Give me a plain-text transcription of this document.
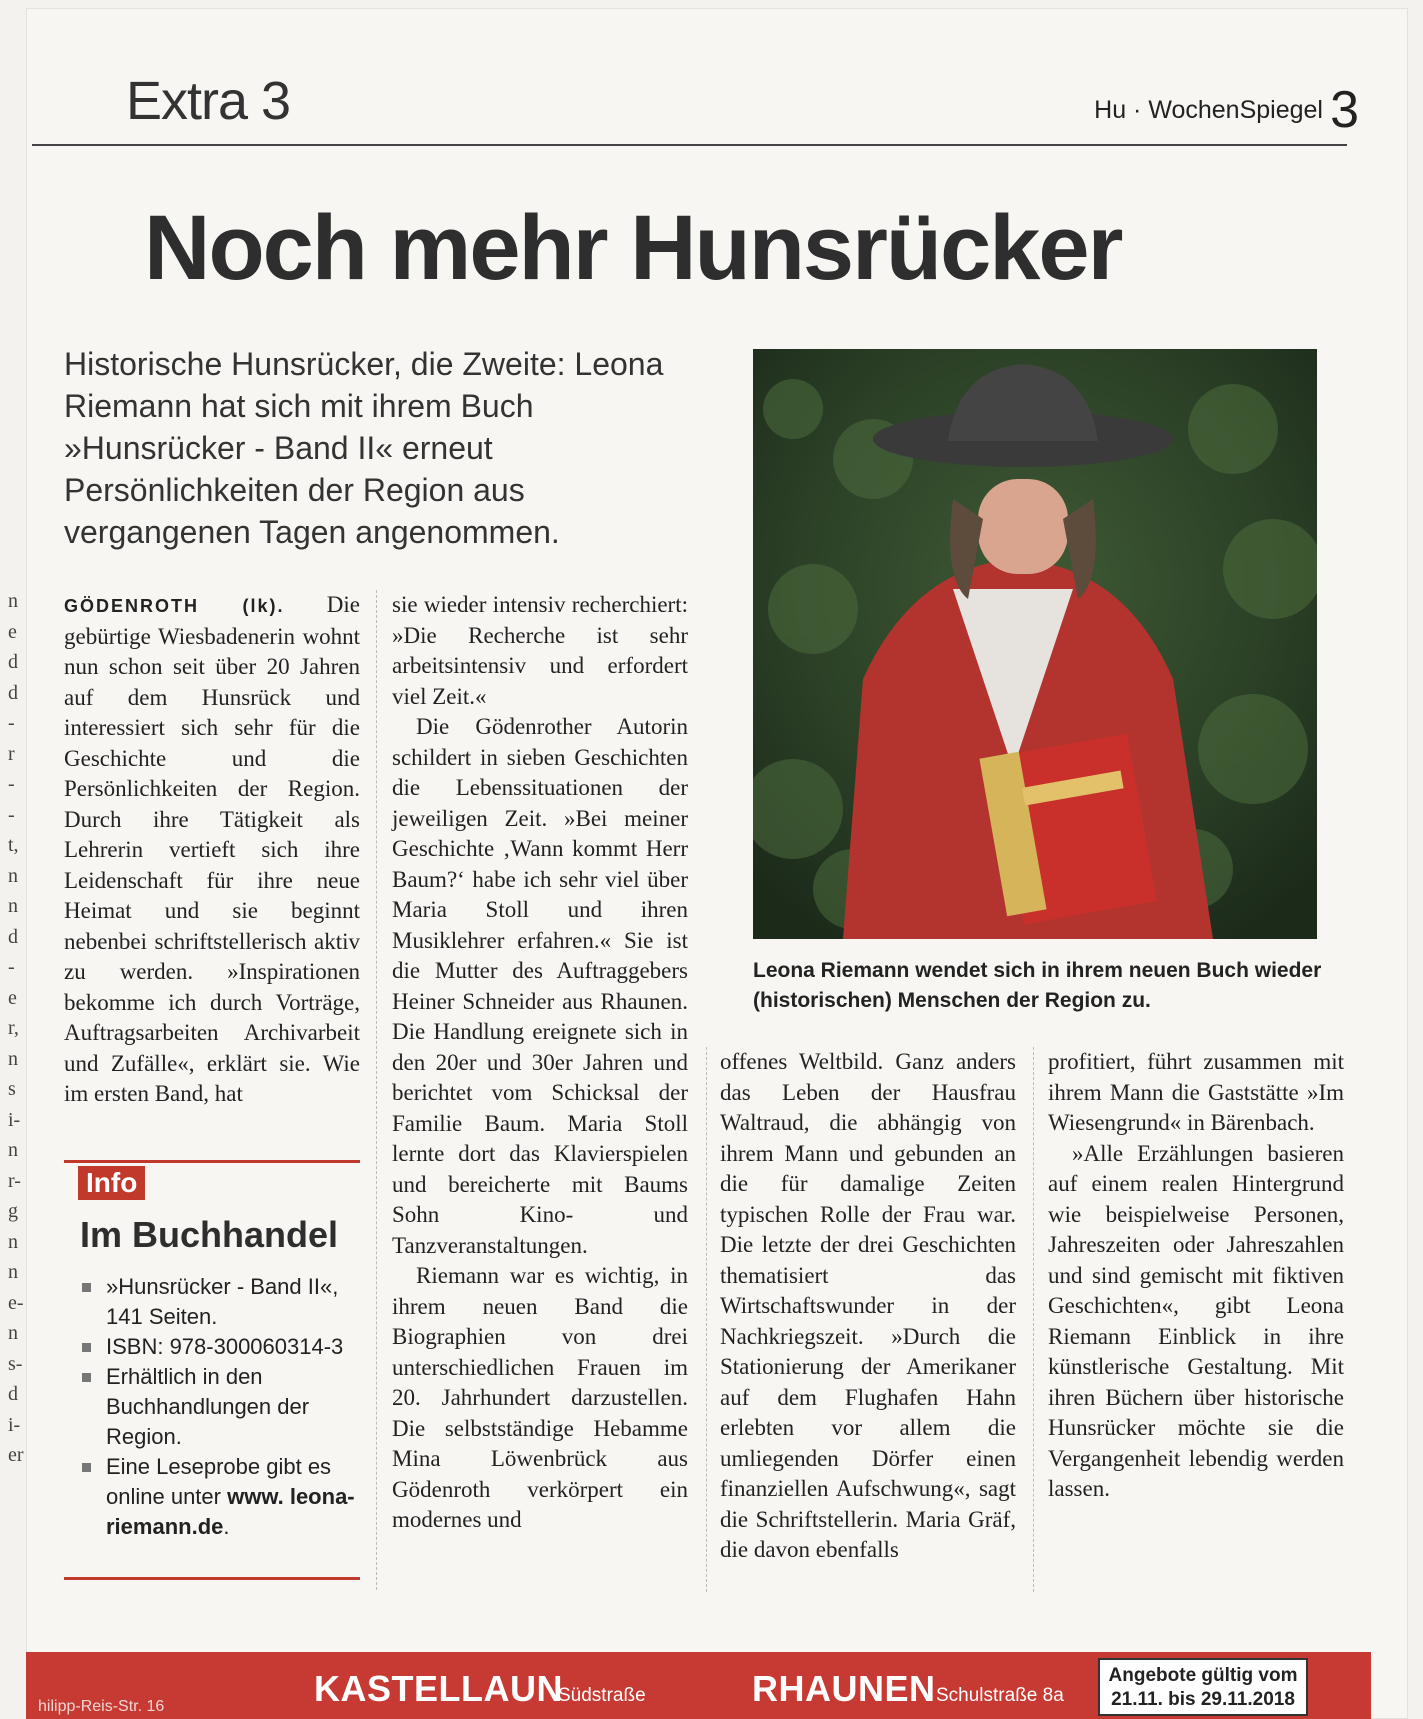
n
e
d
d
-
r
-
-
t,
n
n
d
-
e
r,
n
s
i-
n
r-
g
n
n
e-
n
s-
d
i-
er
Extra 3	Hu · WochenSpiegel 3
Noch mehr Hunsrücker
Historische Hunsrücker, die Zweite: Leona Riemann hat sich mit ihrem Buch »Hunsrücker - Band II« erneut Persönlichkeiten der Region aus vergangenen Tagen angenommen.
Leona Riemann wendet sich in ihrem neuen Buch wieder (historischen) Menschen der Region zu.

GÖDENROTH (lk). Die gebürtige Wiesbadenerin wohnt nun schon seit über 20 Jahren auf dem Hunsrück und interessiert sich sehr für die Geschichte und die Persönlichkeiten der Region. Durch ihre Tätigkeit als Lehrerin vertieft sich ihre Leidenschaft für ihre neue Heimat und sie beginnt nebenbei schriftstellerisch aktiv zu werden. »Inspirationen bekomme ich durch Vorträge, Auftragsarbeiten Archivarbeit und Zufälle«, erklärt sie. Wie im ersten Band, hat

sie wieder intensiv recherchiert: »Die Recherche ist sehr arbeitsintensiv und erfordert viel Zeit.«

Die Gödenrother Autorin schildert in sieben Geschichten die Lebenssituationen der jeweiligen Zeit. »Bei meiner Geschichte ‚Wann kommt Herr Baum?‘ habe ich sehr viel über Maria Stoll und ihren Musiklehrer erfahren.« Sie ist die Mutter des Auftraggebers Heiner Schneider aus Rhaunen. Die Handlung ereignete sich in den 20er und 30er Jahren und berichtet vom Schicksal der Familie Baum. Maria Stoll lernte dort das Klavierspielen und bereicherte mit Baums Sohn Kino- und Tanzveranstaltungen.

Riemann war es wichtig, in ihrem neuen Band die Biographien von drei unterschiedlichen Frauen im 20. Jahrhundert darzustellen. Die selbstständige Hebamme Mina Löwenbrück aus Gödenroth verkörpert ein modernes und

offenes Weltbild. Ganz anders das Leben der Hausfrau Waltraud, die abhängig von ihrem Mann und gebunden an die für damalige Zeiten typischen Rolle der Frau war. Die letzte der drei Geschichten thematisiert das Wirtschaftswunder in der Nachkriegszeit. »Durch die Stationierung der Amerikaner auf dem Flughafen Hahn erlebten vor allem die umliegenden Dörfer einen finanziellen Aufschwung«, sagt die Schriftstellerin. Maria Gräf, die davon ebenfalls

profitiert, führt zusammen mit ihrem Mann die Gaststätte »Im Wiesengrund« in Bärenbach.

»Alle Erzählungen basieren auf einem realen Hintergrund wie beispielweise Personen, Jahreszeiten oder Jahreszahlen und sind gemischt mit fiktiven Geschichten«, gibt Leona Riemann Einblick in ihre künstlerische Gestaltung. Mit ihren Büchern über historische Hunsrücker möchte sie die Vergangenheit lebendig werden lassen.

Info
Im Buchhandel
»Hunsrücker - Band II«, 141 Seiten.
ISBN: 978-300060314-3
Erhältlich in den Buchhandlungen der Region.
Eine Leseprobe gibt es online unter www. leona-riemann.de.
hilipp-Reis-Str. 16	KASTELLAUN
Südstraße	RHAUNEN Schulstraße 8a
Angebote gültig vom
21.11. bis 29.11.2018
